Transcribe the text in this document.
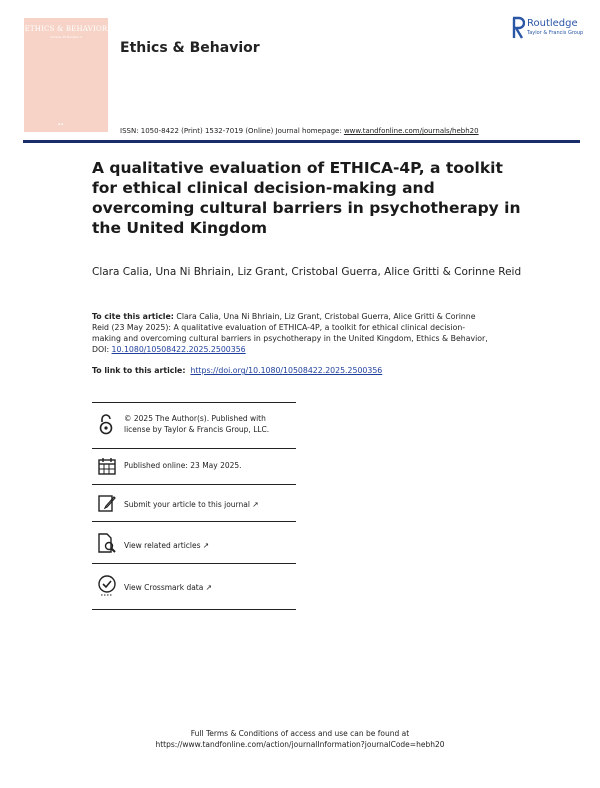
ETHICS & BEHAVIOR
Volume 35 Number 4
▪ ▪
Ethics & Behavior
Routledge
Taylor & Francis Group
ISSN: 1050-8422 (Print) 1532-7019 (Online) Journal homepage: www.tandfonline.com/journals/hebh20
A qualitative evaluation of ETHICA-4P, a toolkit for ethical clinical decision-making and overcoming cultural barriers in psychotherapy in the United Kingdom

Clara Calia, Una Ni Bhriain, Liz Grant, Cristobal Guerra, Alice Gritti & Corinne Reid

To cite this article: Clara Calia, Una Ni Bhriain, Liz Grant, Cristobal Guerra, Alice Gritti & Corinne Reid (23 May 2025): A qualitative evaluation of ETHICA-4P, a toolkit for ethical clinical decision-making and overcoming cultural barriers in psychotherapy in the United Kingdom, Ethics & Behavior, DOI: 10.1080/10508422.2025.2500356
To link to this article: https://doi.org/10.1080/10508422.2025.2500356
© 2025 The Author(s). Published with license by Taylor & Francis Group, LLC.
Published online: 23 May 2025.
Submit your article to this journal ↗
View related articles ↗
View Crossmark data ↗
Full Terms & Conditions of access and use can be found at
https://www.tandfonline.com/action/journalInformation?journalCode=hebh20
